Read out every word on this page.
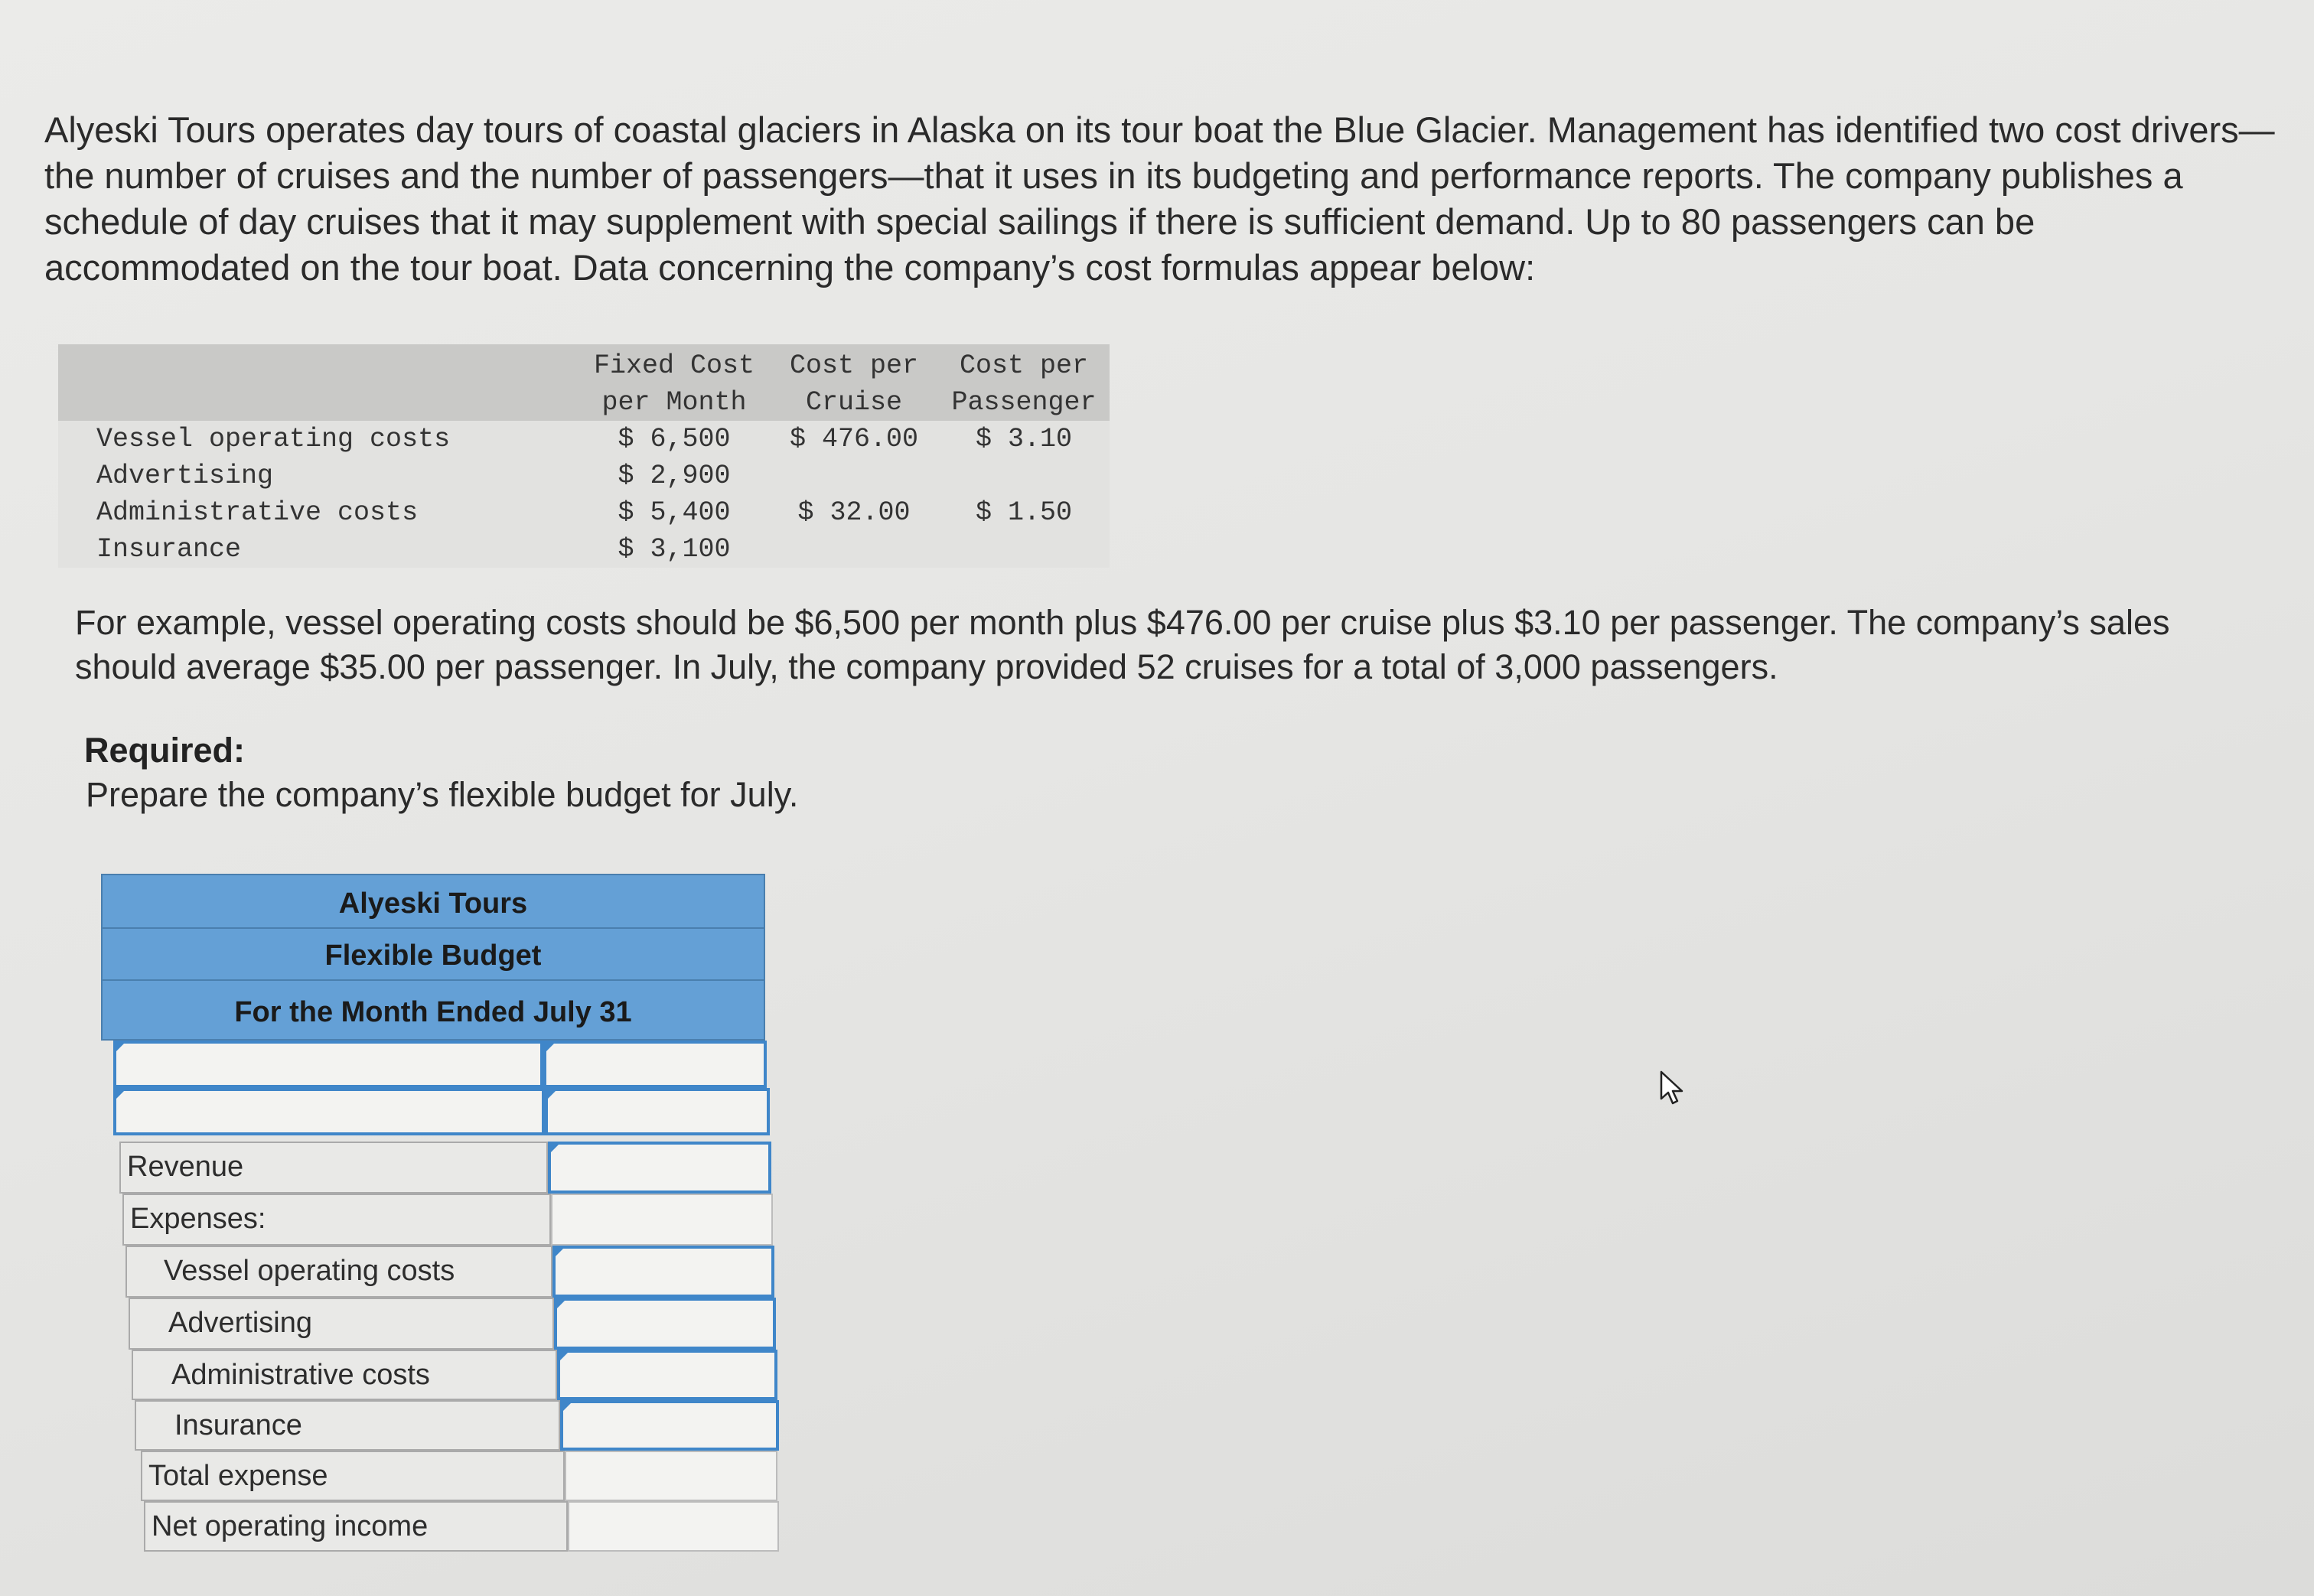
Alyeski Tours operates day tours of coastal glaciers in Alaska on its tour boat the Blue Glacier. Management has identified two cost drivers—the number of cruises and the number of passengers—that it uses in its budgeting and performance reports. The company publishes a schedule of day cruises that it may supplement with special sailings if there is sufficient demand. Up to 80 passengers can be accommodated on the tour boat. Data concerning the company’s cost formulas appear below:

	Fixed Cost per Month	Cost per Cruise	Cost per Passenger
Vessel operating costs	$ 6,500	$ 476.00	$ 3.10
Advertising	$ 2,900		
Administrative costs	$ 5,400	$ 32.00	$ 1.50
Insurance	$ 3,100		

For example, vessel operating costs should be $6,500 per month plus $476.00 per cruise plus $3.10 per passenger. The company’s sales should average $35.00 per passenger. In July, the company provided 52 cruises for a total of 3,000 passengers.

Required:
Prepare the company’s flexible budget for July.
Alyeski Tours
Flexible Budget
For the Month Ended July 31
Revenue
Expenses:
Vessel operating costs
Advertising
Administrative costs
Insurance
Total expense
Net operating income
